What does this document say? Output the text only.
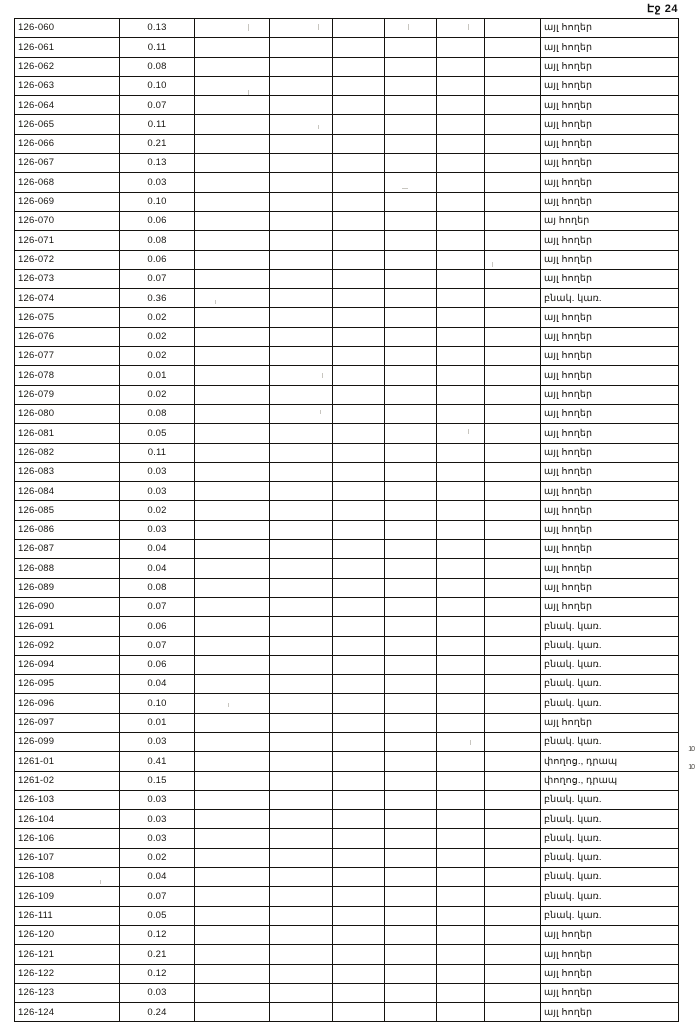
Էջ 24
126-060	0.13							այլ հողեր
126-061	0.11							այլ հողեր
126-062	0.08							այլ հողեր
126-063	0.10							այլ հողեր
126-064	0.07							այլ հողեր
126-065	0.11							այլ հողեր
126-066	0.21							այլ հողեր
126-067	0.13							այլ հողեր
126-068	0.03							այլ հողեր
126-069	0.10							այլ հողեր
126-070	0.06							այ հողեր
126-071	0.08							այլ հողեր
126-072	0.06							այլ հողեր
126-073	0.07							այլ հողեր
126-074	0.36							բնակ. կառ.
126-075	0.02							այլ հողեր
126-076	0.02							այլ հողեր
126-077	0.02							այլ հողեր
126-078	0.01							այլ հողեր
126-079	0.02							այլ հողեր
126-080	0.08							այլ հողեր
126-081	0.05							այլ հողեր
126-082	0.11							այլ հողեր
126-083	0.03							այլ հողեր
126-084	0.03							այլ հողեր
126-085	0.02							այլ հողեր
126-086	0.03							այլ հողեր
126-087	0.04							այլ հողեր
126-088	0.04							այլ հողեր
126-089	0.08							այլ հողեր
126-090	0.07							այլ հողեր
126-091	0.06							բնակ. կառ.
126-092	0.07							բնակ. կառ.
126-094	0.06							բնակ. կառ.
126-095	0.04							բնակ. կառ.
126-096	0.10							բնակ. կառ.
126-097	0.01							այլ հողեր
126-099	0.03							բնակ. կառ.
1261-01	0.41							փողոց., դրապ
1261-02	0.15							փողոց., դրապ
126-103	0.03							բնակ. կառ.
126-104	0.03							բնակ. կառ.
126-106	0.03							բնակ. կառ.
126-107	0.02							բնակ. կառ.
126-108	0.04							բնակ. կառ.
126-109	0.07							բնակ. կառ.
126-111	0.05							բնակ. կառ.
126-120	0.12							այլ հողեր
126-121	0.21							այլ հողեր
126-122	0.12							այլ հողեր
126-123	0.03							այլ հողեր
126-124	0.24							այլ հողեր
10
10
